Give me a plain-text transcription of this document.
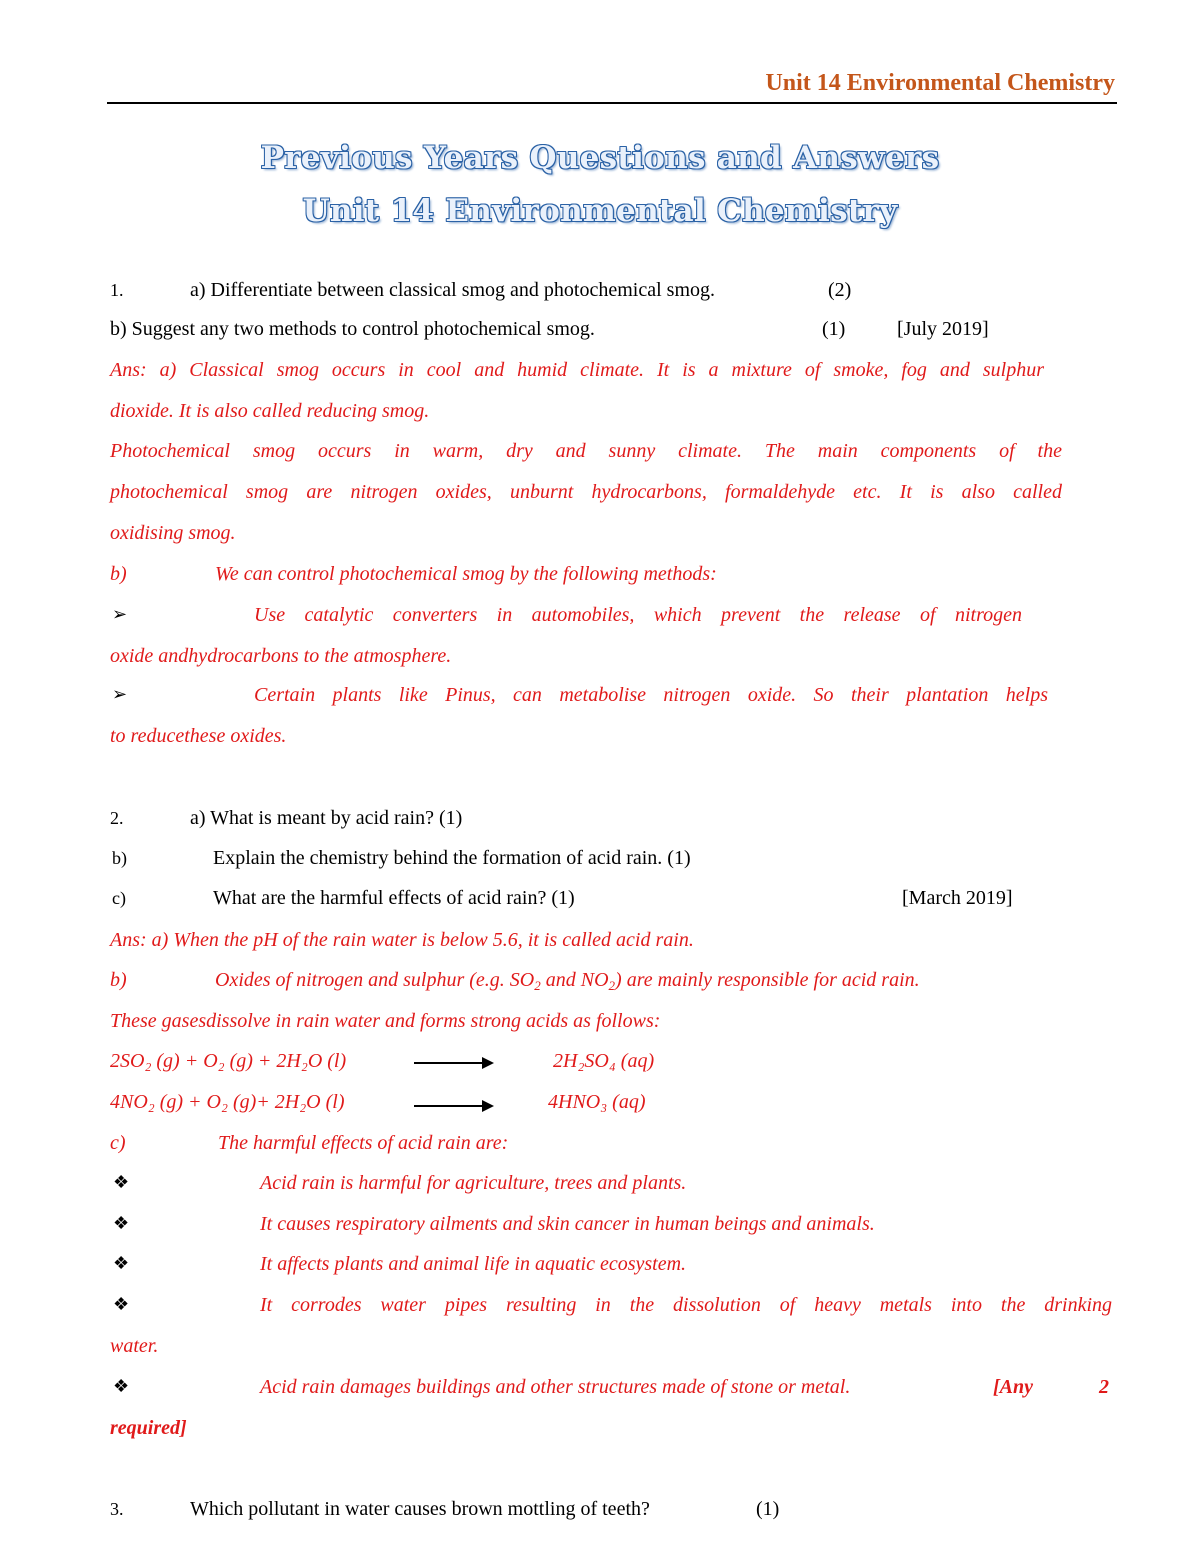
Unit 14 Environmental Chemistry
Previous Years Questions and Answers
Unit 14 Environmental Chemistry
1.	a) Differentiate between classical smog and photochemical smog.	(2)
b) Suggest any two methods to control photochemical smog.	(1)	[July 2019]
Ans: a) Classical smog occurs in cool and humid climate. It is a mixture of smoke, fog and sulphur
dioxide. It is also called reducing smog.
Photochemical smog occurs in warm, dry and sunny climate. The main components of the
photochemical smog are nitrogen oxides, unburnt hydrocarbons, formaldehyde etc. It is also called
oxidising smog.
b)	We can control photochemical smog by the following methods:
➢	Use catalytic converters in automobiles, which prevent the release of nitrogen
oxide andhydrocarbons to the atmosphere.
➢	Certain plants like Pinus, can metabolise nitrogen oxide. So their plantation helps
to reducethese oxides.
2.	a) What is meant by acid rain? (1)
b)	Explain the chemistry behind the formation of acid rain. (1)
c)	What are the harmful effects of acid rain? (1)	[March 2019]
Ans: a) When the pH of the rain water is below 5.6, it is called acid rain.
b)	Oxides of nitrogen and sulphur (e.g. $SO_2$ and $NO_2$) are mainly responsible for acid rain.
These gasesdissolve in rain water and forms strong acids as follows:
2SO₂ (g) + O₂ (g) + 2H₂O (l)	2H₂SO₄ (aq)
4NO₂ (g) + O₂ (g)+ 2H₂O (l)	4HNO₃ (aq)
c)	The harmful effects of acid rain are:
❖	Acid rain is harmful for agriculture, trees and plants.
❖	It causes respiratory ailments and skin cancer in human beings and animals.
❖	It affects plants and animal life in aquatic ecosystem.
❖	It corrodes water pipes resulting in the dissolution of heavy metals into the drinking
water.
❖	Acid rain damages buildings and other structures made of stone or metal.	[Any	2
required]
3.	Which pollutant in water causes brown mottling of teeth?	(1)
